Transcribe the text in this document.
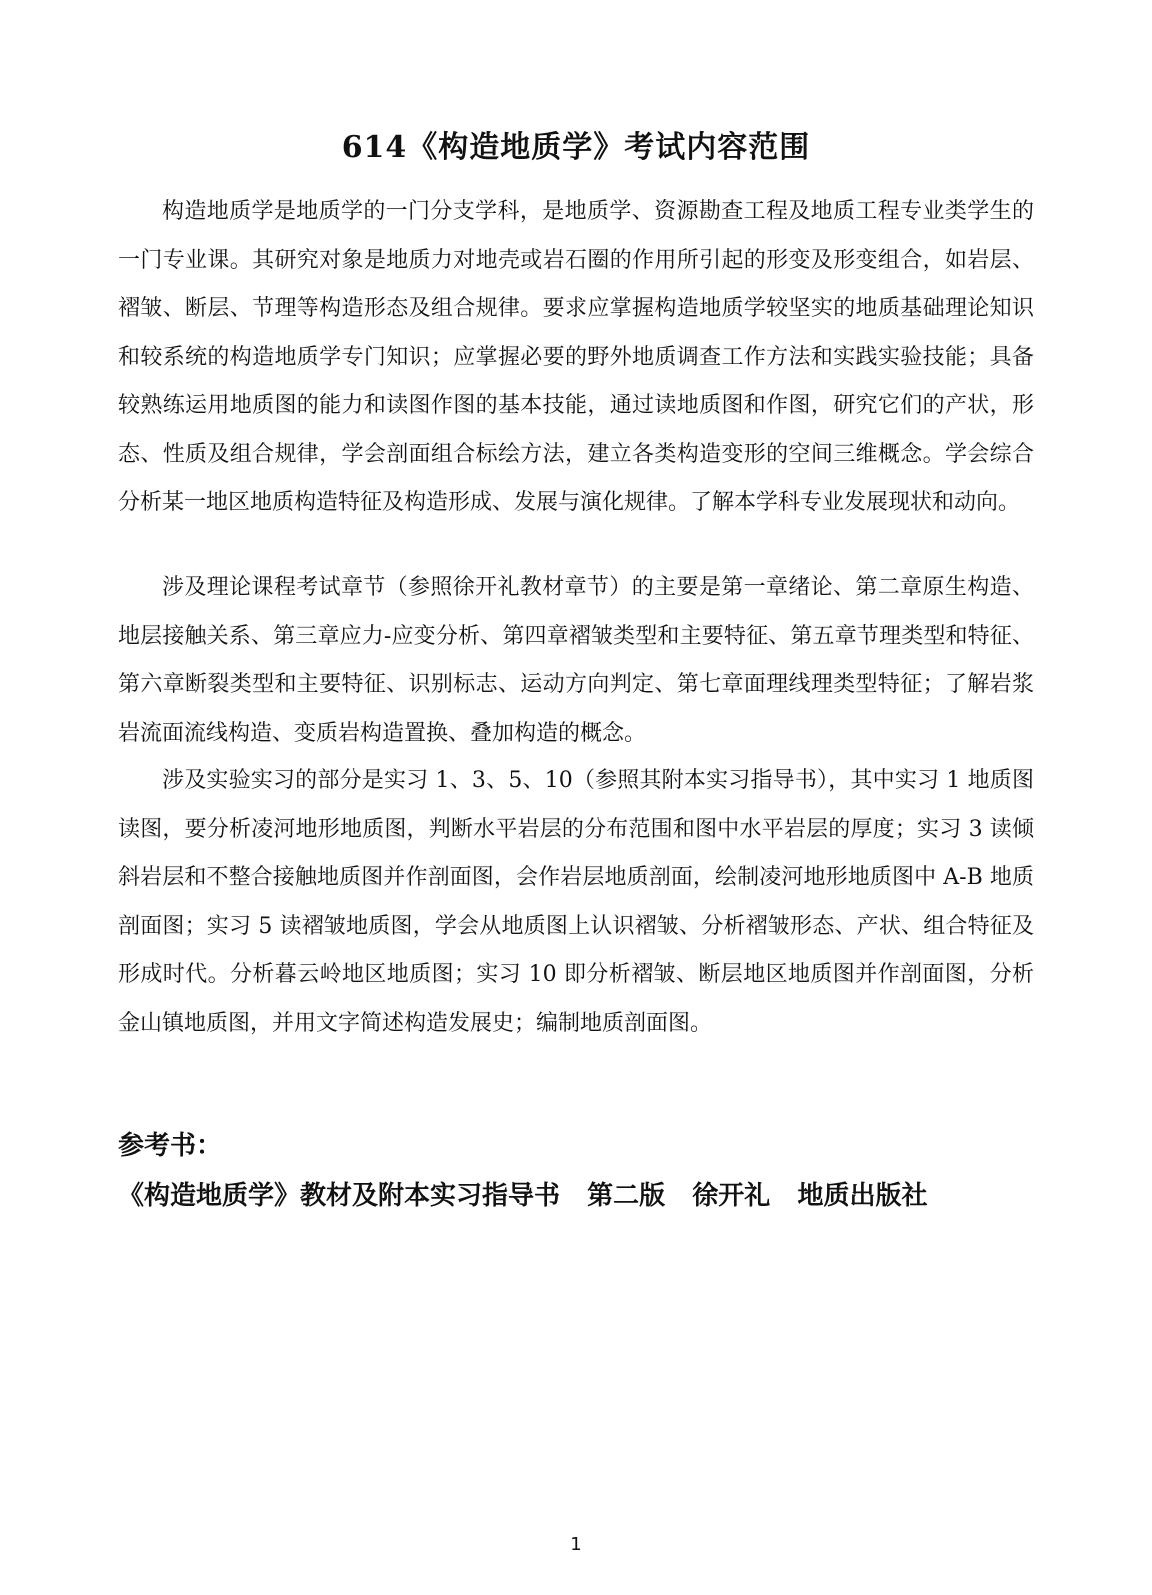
614《构造地质学》考试内容范围

构造地质学是地质学的一门分支学科，是地质学、资源勘查工程及地质工程专业类学生的一门专业课。其研究对象是地质力对地壳或岩石圈的作用所引起的形变及形变组合，如岩层、褶皱、断层、节理等构造形态及组合规律。要求应掌握构造地质学较坚实的地质基础理论知识和较系统的构造地质学专门知识；应掌握必要的野外地质调查工作方法和实践实验技能；具备较熟练运用地质图的能力和读图作图的基本技能，通过读地质图和作图，研究它们的产状，形态、性质及组合规律，学会剖面组合标绘方法，建立各类构造变形的空间三维概念。学会综合分析某一地区地质构造特征及构造形成、发展与演化规律。了解本学科专业发展现状和动向。

涉及理论课程考试章节（参照徐开礼教材章节）的主要是第一章绪论、第二章原生构造、地层接触关系、第三章应力-应变分析、第四章褶皱类型和主要特征、第五章节理类型和特征、第六章断裂类型和主要特征、识别标志、运动方向判定、第七章面理线理类型特征；了解岩浆岩流面流线构造、变质岩构造置换、叠加构造的概念。

涉及实验实习的部分是实习 1、3、5、10（参照其附本实习指导书），其中实习 1 地质图读图，要分析凌河地形地质图，判断水平岩层的分布范围和图中水平岩层的厚度；实习 3 读倾斜岩层和不整合接触地质图并作剖面图，会作岩层地质剖面，绘制凌河地形地质图中 A-B 地质剖面图；实习 5 读褶皱地质图，学会从地质图上认识褶皱、分析褶皱形态、产状、组合特征及形成时代。分析暮云岭地区地质图；实习 10 即分析褶皱、断层地区地质图并作剖面图，分析金山镇地质图，并用文字简述构造发展史；编制地质剖面图。

参考书：
《构造地质学》教材及附本实习指导书   第二版   徐开礼   地质出版社
1
